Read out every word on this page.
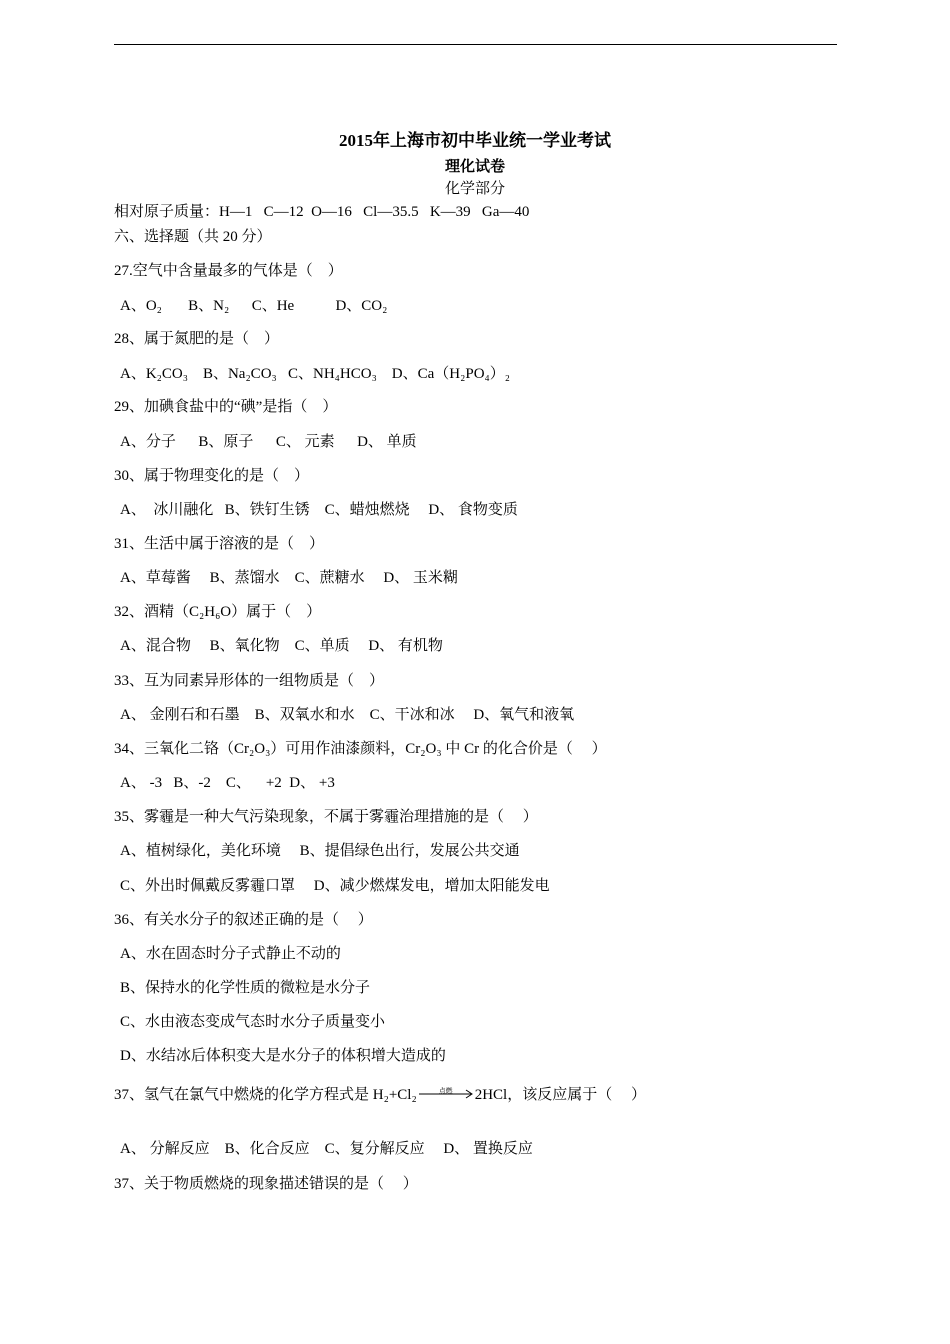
2015年上海市初中毕业统一学业考试
理化试卷
化学部分
相对原子质量：H—1   C—12  O—16   Cl—35.5   K—39   Ga—40
六、选择题（共 20 分）
27.空气中含量最多的气体是（    ）
A、O₂       B、N₂      C、He           D、CO₂
28、属于氮肥的是（    ）
A、K₂CO₃    B、Na₂CO₃   C、NH₄HCO₃    D、Ca（H₂PO₄）₂
29、加碘食盐中的“碘”是指（    ）
A、分子      B、原子      C、 元素      D、 单质
30、属于物理变化的是（    ）
A、  冰川融化   B、铁钉生锈    C、蜡烛燃烧     D、 食物变质
31、生活中属于溶液的是（    ）
A、草莓酱     B、蒸馏水    C、蔗糖水     D、 玉米糊
32、酒精（C₂H₆O）属于（    ）
A、混合物     B、氧化物    C、单质     D、 有机物
33、互为同素异形体的一组物质是（    ）
A、 金刚石和石墨    B、双氧水和水    C、干冰和冰     D、氧气和液氧
34、三氧化二铬（Cr₂O₃）可用作油漆颜料，Cr₂O₃ 中 Cr 的化合价是（     ）
A、 -3   B、-2    C、    +2  D、 +3
35、雾霾是一种大气污染现象，不属于雾霾治理措施的是（     ）
A、植树绿化，美化环境     B、提倡绿色出行，发展公共交通
C、外出时佩戴反雾霾口罩     D、减少燃煤发电，增加太阳能发电
36、有关水分子的叙述正确的是（     ）
A、水在固态时分子式静止不动的
B、保持水的化学性质的微粒是水分子
C、水由液态变成气态时水分子质量变小
D、水结冰后体积变大是水分子的体积增大造成的
37、氢气在氯气中燃烧的化学方程式是 H₂+Cl₂	点燃	2HCl，该反应属于（     ）
A、 分解反应    B、化合反应    C、复分解反应     D、 置换反应
37、关于物质燃烧的现象描述错误的是（     ）
